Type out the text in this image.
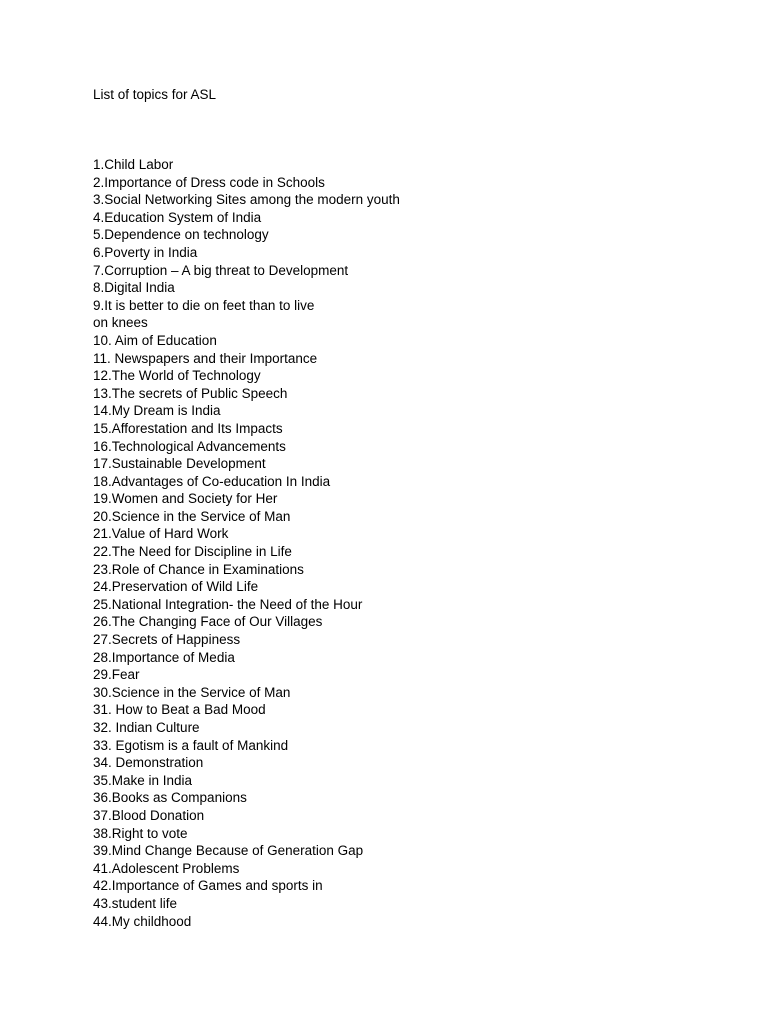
List of topics for ASL
1.Child Labor
2.Importance of Dress code in Schools
3.Social Networking Sites among the modern youth
4.Education System of India
5.Dependence on technology
6.Poverty in India
7.Corruption – A big threat to Development
8.Digital India
9.It is better to die on feet than to live
on knees
10. Aim of Education
11. Newspapers and their Importance
12.The World of Technology
13.The secrets of Public Speech
14.My Dream is India
15.Afforestation and Its Impacts
16.Technological Advancements
17.Sustainable Development
18.Advantages of Co-education In India
19.Women and Society for Her
20.Science in the Service of Man
21.Value of Hard Work
22.The Need for Discipline in Life
23.Role of Chance in Examinations
24.Preservation of Wild Life
25.National Integration- the Need of the Hour
26.The Changing Face of Our Villages
27.Secrets of Happiness
28.Importance of Media
29.Fear
30.Science in the Service of Man
31. How to Beat a Bad Mood
32. Indian Culture
33. Egotism is a fault of Mankind
34. Demonstration
35.Make in India
36.Books as Companions
37.Blood Donation
38.Right to vote
39.Mind Change Because of Generation Gap
41.Adolescent Problems
42.Importance of Games and sports in
43.student life
44.My childhood
